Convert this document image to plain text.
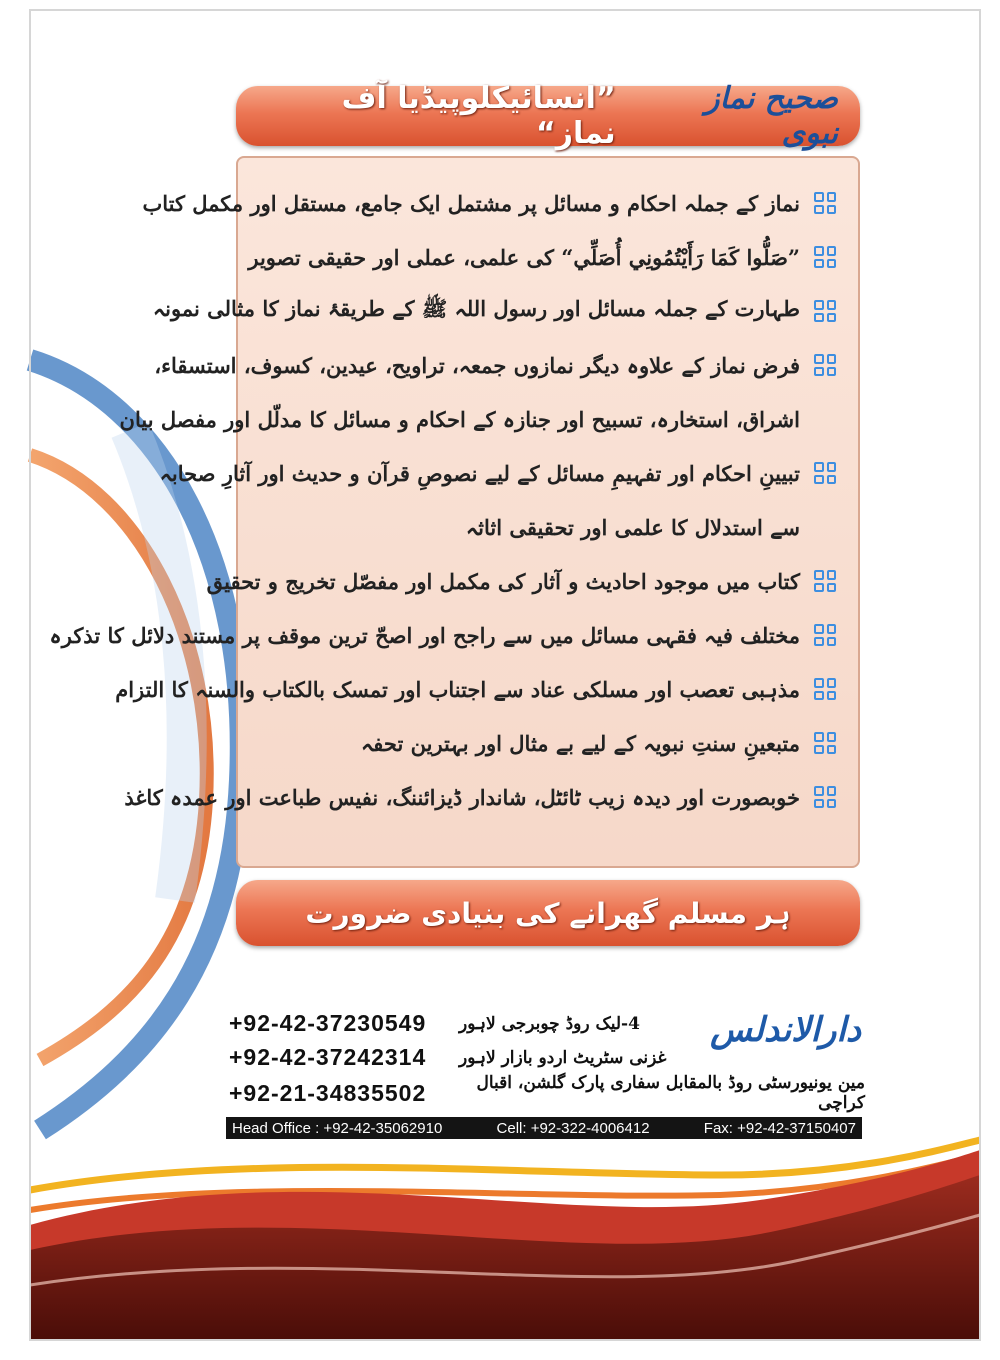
صحیح نماز نبوی
”انسائیکلوپیڈیا آف نماز“
نماز کے جملہ احکام و مسائل پر مشتمل ایک جامع، مستقل اور مکمل کتاب
”صَلُّوا كَمَا رَأَيْتُمُونِي أُصَلِّي“ کی علمی، عملی اور حقیقی تصویر
طہارت کے جملہ مسائل اور رسول اللہ ﷺ کے طریقۂ نماز کا مثالی نمونہ
فرض نماز کے علاوہ دیگر نمازوں جمعہ، تراویح، عیدین، کسوف، استسقاء،
اشراق، استخارہ، تسبیح اور جنازہ کے احکام و مسائل کا مدلّل اور مفصل بیان
تبیینِ احکام اور تفہیمِ مسائل کے لیے نصوصِ قرآن و حدیث اور آثارِ صحابہ
سے استدلال کا علمی اور تحقیقی اثاثہ
کتاب میں موجود احادیث و آثار کی مکمل اور مفصّل تخریج و تحقیق
مختلف فیہ فقہی مسائل میں سے راجح اور اصحّ ترین موقف پر مستند دلائل کا تذکرہ
مذہبی تعصب اور مسلکی عناد سے اجتناب اور تمسک بالکتاب والسنہ کا التزام
متبعینِ سنتِ نبویہ کے لیے بے مثال اور بہترین تحفہ
خوبصورت اور دیدہ زیب ٹائٹل، شاندار ڈیزائننگ، نفیس طباعت اور عمدہ کاغذ
ہر مسلم گھرانے کی بنیادی ضرورت
دارالاندلس
+92-42-37230549	4-لیک روڈ چوبرجی لاہور
+92-42-37242314	غزنی سٹریٹ اردو بازار لاہور
+92-21-34835502	مین یونیورسٹی روڈ بالمقابل سفاری پارک گلشن، اقبال کراچی
Head Office : +92-42-35062910	Cell: +92-322-4006412	Fax: +92-42-37150407
